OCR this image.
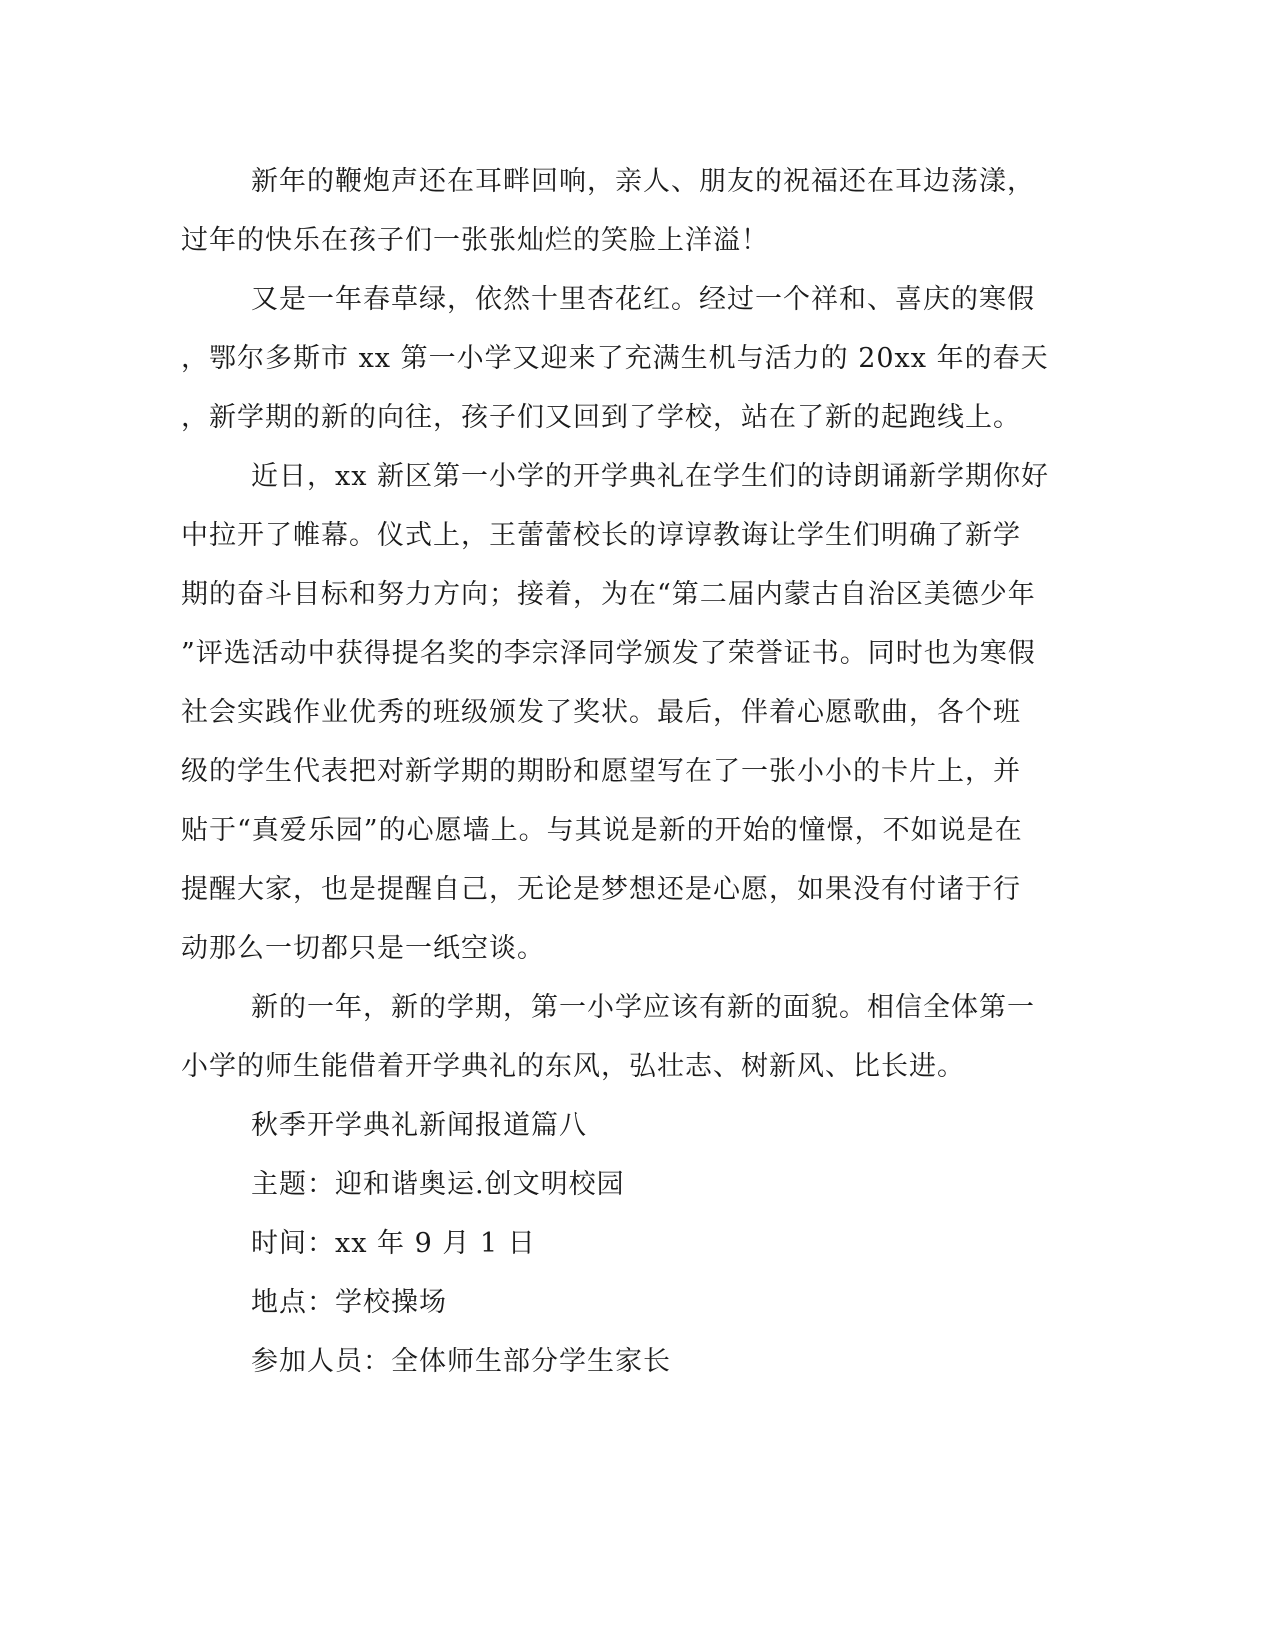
新年的鞭炮声还在耳畔回响，亲人、朋友的祝福还在耳边荡漾，
过年的快乐在孩子们一张张灿烂的笑脸上洋溢！
又是一年春草绿，依然十里杏花红。经过一个祥和、喜庆的寒假
，鄂尔多斯市 xx 第一小学又迎来了充满生机与活力的 20xx 年的春天
，新学期的新的向往，孩子们又回到了学校，站在了新的起跑线上。
近日，xx 新区第一小学的开学典礼在学生们的诗朗诵新学期你好
中拉开了帷幕。仪式上，王蕾蕾校长的谆谆教诲让学生们明确了新学
期的奋斗目标和努力方向；接着，为在“第二届内蒙古自治区美德少年
”评选活动中获得提名奖的李宗泽同学颁发了荣誉证书。同时也为寒假
社会实践作业优秀的班级颁发了奖状。最后，伴着心愿歌曲，各个班
级的学生代表把对新学期的期盼和愿望写在了一张小小的卡片上，并
贴于“真爱乐园”的心愿墙上。与其说是新的开始的憧憬，不如说是在
提醒大家，也是提醒自己，无论是梦想还是心愿，如果没有付诸于行
动那么一切都只是一纸空谈。
新的一年，新的学期，第一小学应该有新的面貌。相信全体第一
小学的师生能借着开学典礼的东风，弘壮志、树新风、比长进。
秋季开学典礼新闻报道篇八
主题：迎和谐奥运.创文明校园
时间：xx 年 9 月 1 日
地点：学校操场
参加人员：全体师生部分学生家长
